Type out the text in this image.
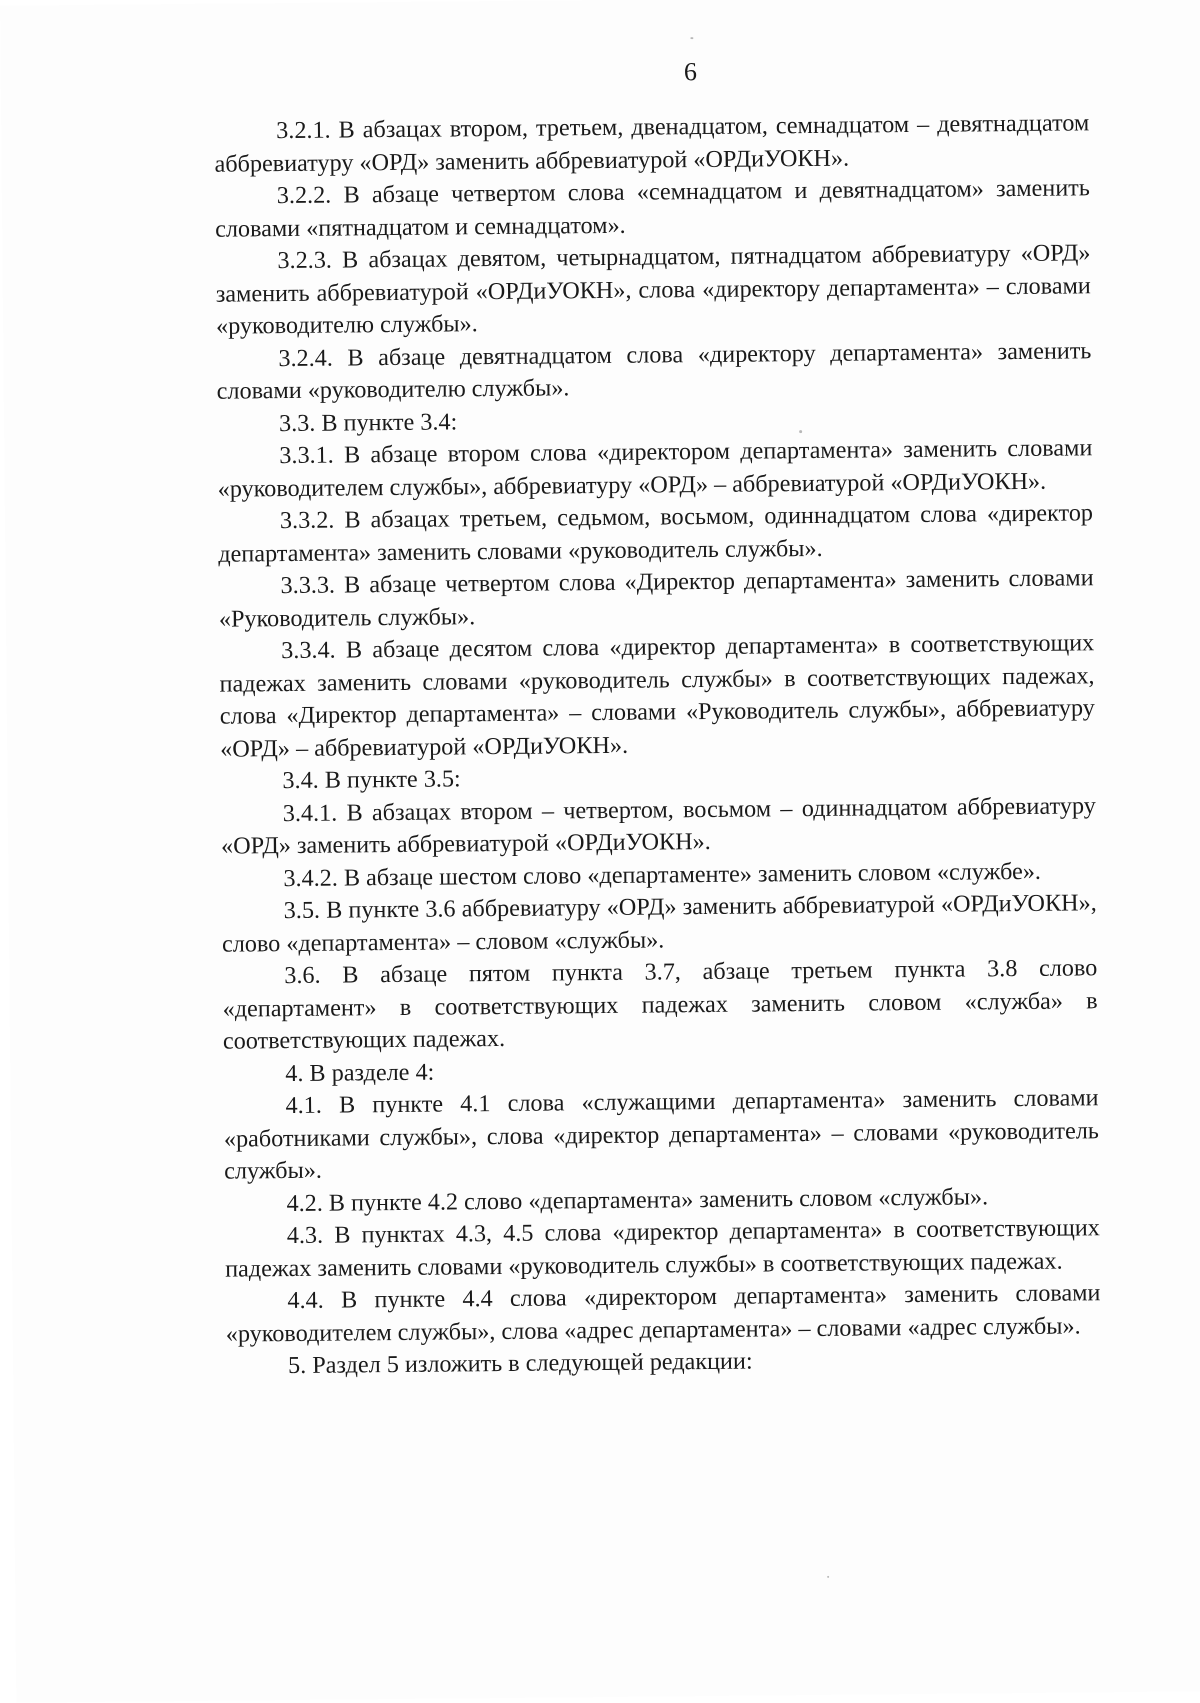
6

3.2.1. В абзацах втором, третьем, двенадцатом, семнадцатом – девятнадцатом аббревиатуру «ОРД» заменить аббревиатурой «ОРДиУОКН».

3.2.2. В абзаце четвертом слова «семнадцатом и девятнадцатом» заменить словами «пятнадцатом и семнадцатом».

3.2.3. В абзацах девятом, четырнадцатом, пятнадцатом аббревиатуру «ОРД» заменить аббревиатурой «ОРДиУОКН», слова «директору департамента» – словами «руководителю службы».

3.2.4. В абзаце девятнадцатом слова «директору департамента» заменить словами «руководителю службы».

3.3. В пункте 3.4:

3.3.1. В абзаце втором слова «директором департамента» заменить словами «руководителем службы», аббревиатуру «ОРД» – аббревиатурой «ОРДиУОКН».

3.3.2. В абзацах третьем, седьмом, восьмом, одиннадцатом слова «директор департамента» заменить словами «руководитель службы».

3.3.3. В абзаце четвертом слова «Директор департамента» заменить словами «Руководитель службы».

3.3.4. В абзаце десятом слова «директор департамента» в соответствующих падежах заменить словами «руководитель службы» в соответствующих падежах, слова «Директор департамента» – словами «Руководитель службы», аббревиатуру «ОРД» – аббревиатурой «ОРДиУОКН».

3.4. В пункте 3.5:

3.4.1. В абзацах втором – четвертом, восьмом – одиннадцатом аббревиатуру «ОРД» заменить аббревиатурой «ОРДиУОКН».

3.4.2. В абзаце шестом слово «департаменте» заменить словом «службе».

3.5. В пункте 3.6 аббревиатуру «ОРД» заменить аббревиатурой «ОРДиУОКН», слово «департамента» – словом «службы».

3.6. В абзаце пятом пункта 3.7, абзаце третьем пункта 3.8 слово «департамент» в соответствующих падежах заменить словом «служба» в соответствующих падежах.

4. В разделе 4:

4.1. В пункте 4.1 слова «служащими департамента» заменить словами «работниками службы», слова «директор департамента» – словами «руководитель службы».

4.2. В пункте 4.2 слово «департамента» заменить словом «службы».

4.3. В пунктах 4.3, 4.5 слова «директор департамента» в соответствующих падежах заменить словами «руководитель службы» в соответствующих падежах.

4.4. В пункте 4.4 слова «директором департамента» заменить словами «руководителем службы», слова «адрес департамента» – словами «адрес службы».

5. Раздел 5 изложить в следующей редакции:
